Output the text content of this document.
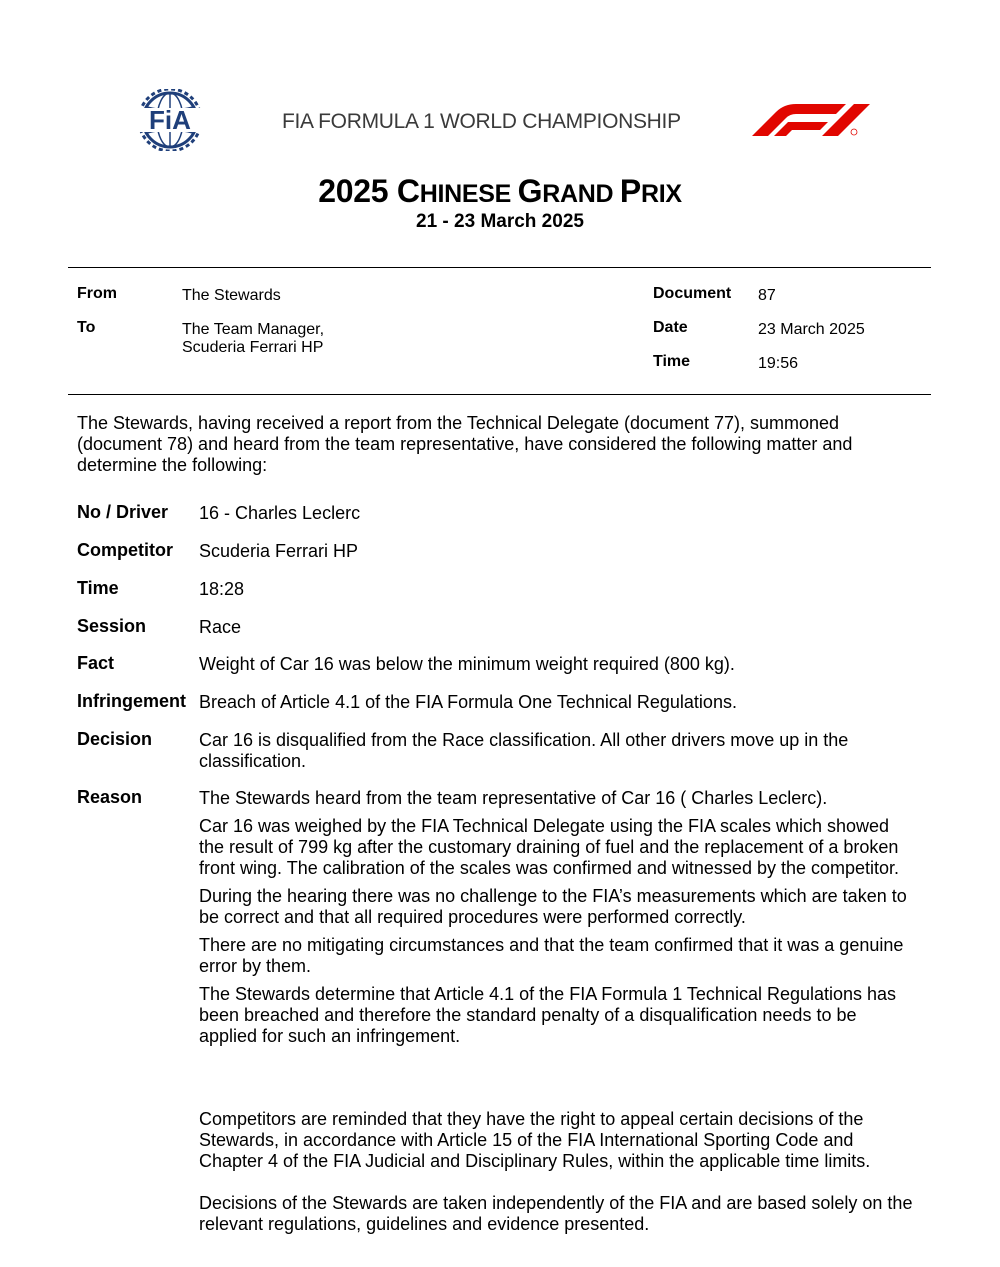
FiA	FIA FORMULA 1 WORLD CHAMPIONSHIP
2025 CHINESE GRAND PRIX
21 - 23 March 2025
From	The Stewards
To	The Team Manager,
Scuderia Ferrari HP
Document 87
Date	23 March 2025
Time	19:56
The Stewards, having received a report from the Technical Delegate (document 77), summoned (document 78) and heard from the team representative, have considered the following matter and determine the following:
No / Driver 16 - Charles Leclerc
Competitor Scuderia Ferrari HP
Time	18:28
Session	Race
Fact	Weight of Car 16 was below the minimum weight required (800 kg).
Infringement Breach of Article 4.1 of the FIA Formula One Technical Regulations.
Decision	Car 16 is disqualified from the Race classification. All other drivers move up in the classification.
Reason	The Stewards heard from the team representative of Car 16 ( Charles Leclerc).

Car 16 was weighed by the FIA Technical Delegate using the FIA scales which showed the result of 799 kg after the customary draining of fuel and the replacement of a broken front wing. The calibration of the scales was confirmed and witnessed by the competitor.

During the hearing there was no challenge to the FIA’s measurements which are taken to be correct and that all required procedures were performed correctly.

There are no mitigating circumstances and that the team confirmed that it was a genuine error by them.

The Stewards determine that Article 4.1 of the FIA Formula 1 Technical Regulations has been breached and therefore the standard penalty of a disqualification needs to be applied for such an infringement.

Competitors are reminded that they have the right to appeal certain decisions of the Stewards, in accordance with Article 15 of the FIA International Sporting Code and Chapter 4 of the FIA Judicial and Disciplinary Rules, within the applicable time limits.
Decisions of the Stewards are taken independently of the FIA and are based solely on the relevant regulations, guidelines and evidence presented.
